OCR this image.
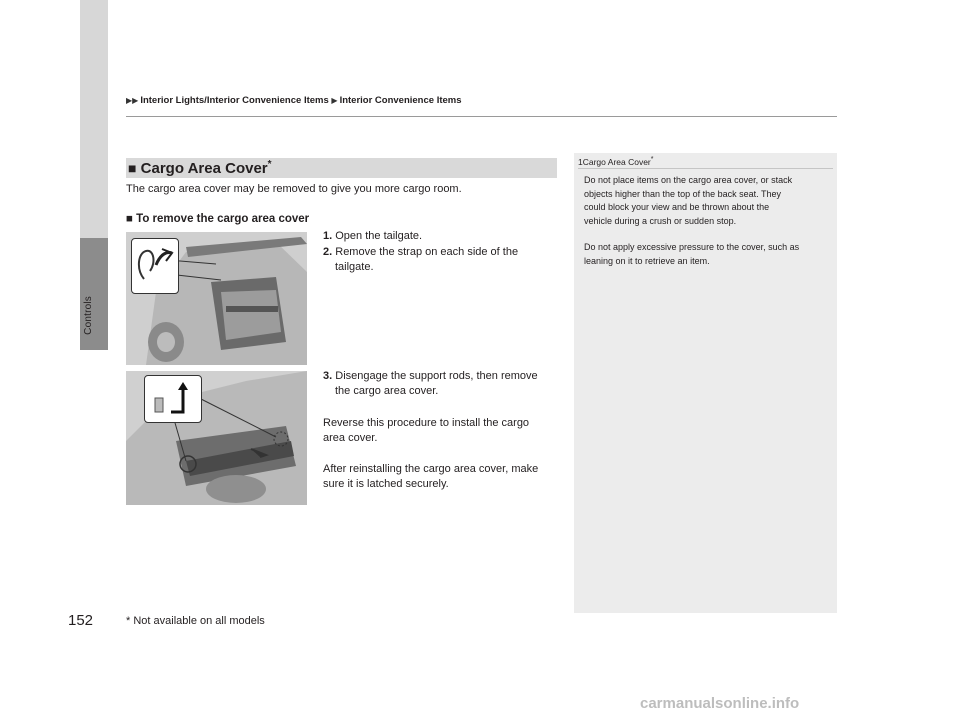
Controls
▶▶ Interior Lights/Interior Convenience Items ▶ Interior Convenience Items
■ Cargo Area Cover*
The cargo area cover may be removed to give you more cargo room.
■ To remove the cargo area cover
1. Open the tailgate.
2. Remove the strap on each side of the
tailgate.
3. Disengage the support rods, then remove
the cargo area cover.
Reverse this procedure to install the cargo
area cover.
After reinstalling the cargo area cover, make
sure it is latched securely.
1Cargo Area Cover*
Do not place items on the cargo area cover, or stack
objects higher than the top of the back seat. They
could block your view and be thrown about the
vehicle during a crush or sudden stop.
Do not apply excessive pressure to the cover, such as
leaning on it to retrieve an item.
152	* Not available on all models
carmanualsonline.info
